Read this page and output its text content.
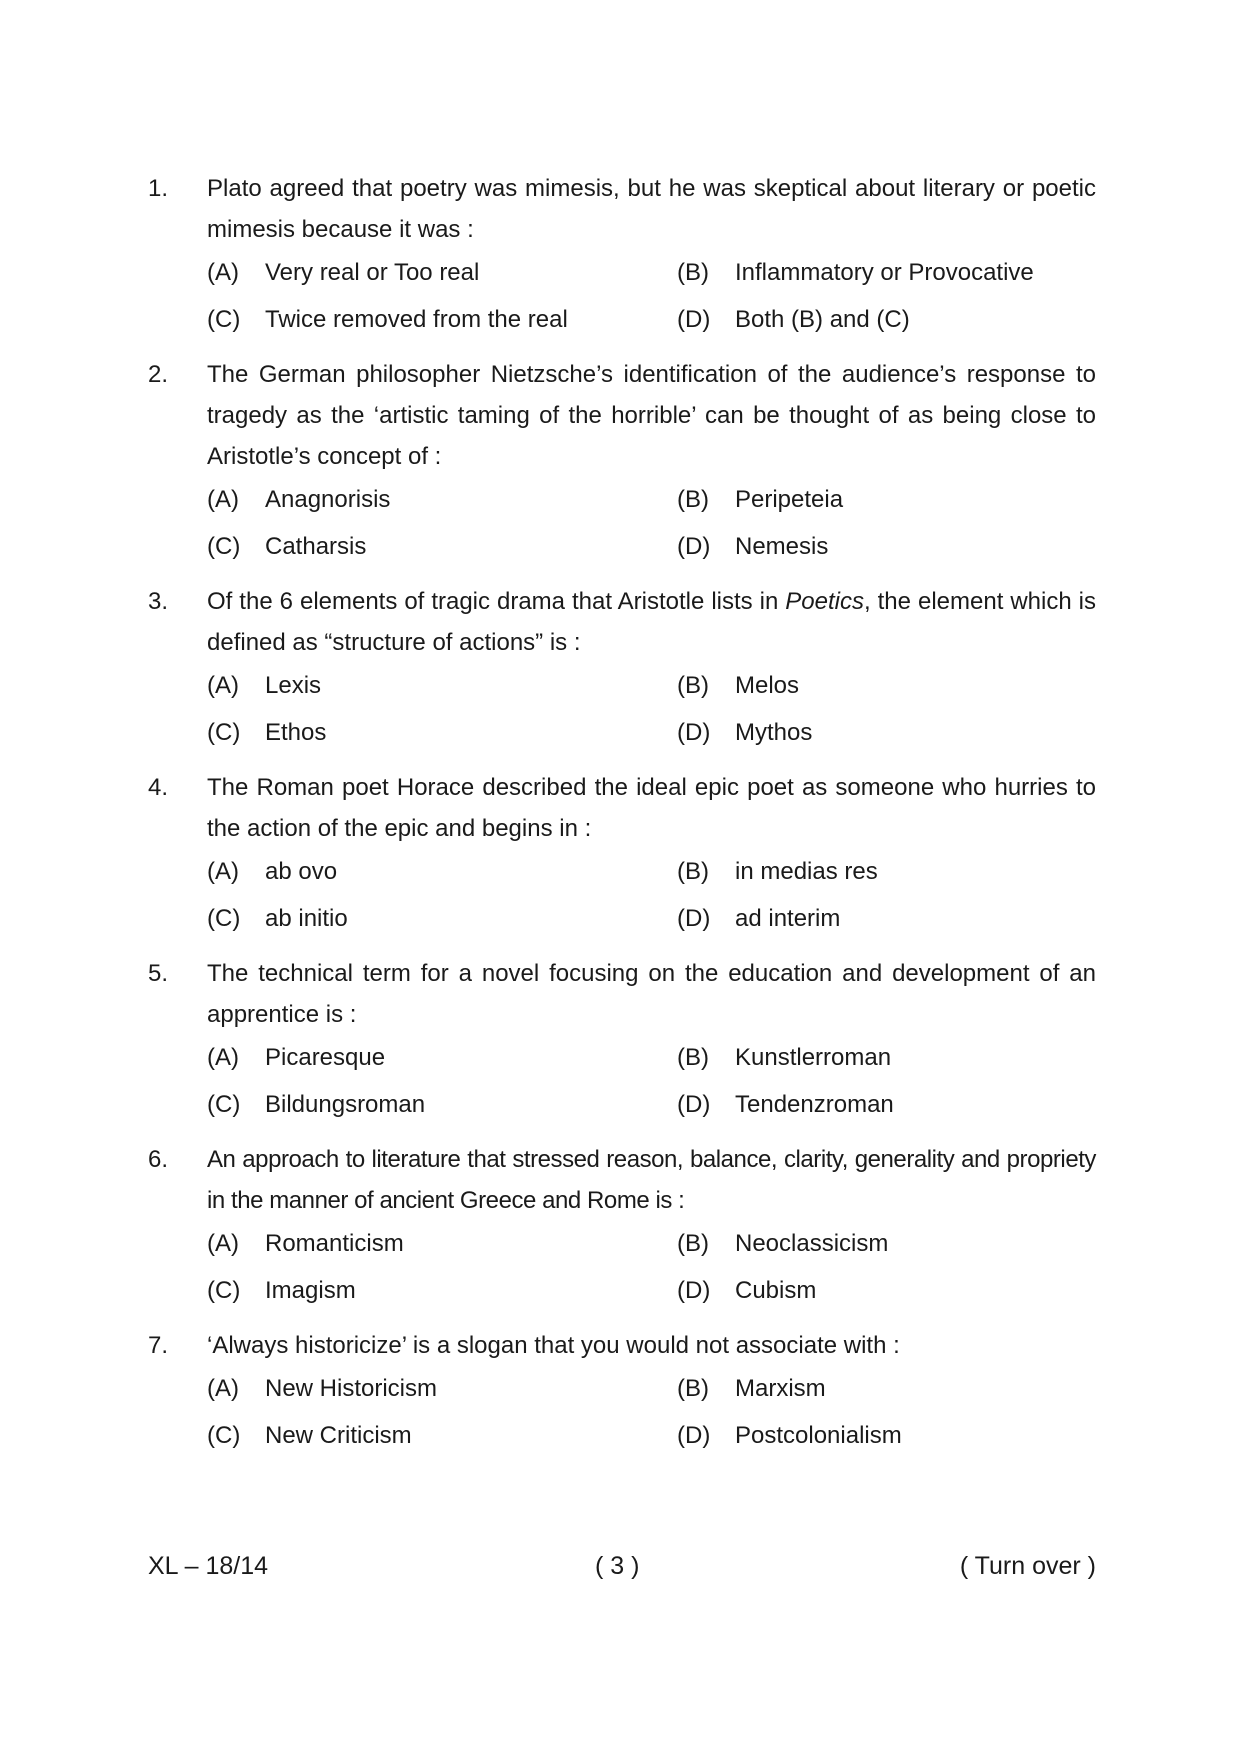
1.	Plato agreed that poetry was mimesis, but he was skeptical about literary or poetic mimesis because it was :
(A)	Very real or Too real	(B)	Inflammatory or Provocative
(C)	Twice removed from the real	(D)	Both (B) and (C)
2.	The German philosopher Nietzsche’s identification of the audience’s response to tragedy as the ‘artistic taming of the horrible’ can be thought of as being close to Aristotle’s concept of :
(A)	Anagnorisis	(B)	Peripeteia
(C)	Catharsis	(D)	Nemesis
3.	Of the 6 elements of tragic drama that Aristotle lists in Poetics, the element which is defined as “structure of actions” is :
(A)	Lexis	(B)	Melos
(C)	Ethos	(D)	Mythos
4.	The Roman poet Horace described the ideal epic poet as someone who hurries to the action of the epic and begins in :
(A)	ab ovo	(B)	in medias res
(C)	ab initio	(D)	ad interim
5.	The technical term for a novel focusing on the education and development of an apprentice is :
(A)	Picaresque	(B)	Kunstlerroman
(C)	Bildungsroman	(D)	Tendenzroman
6.	An approach to literature that stressed reason, balance, clarity, generality and propriety in the manner of ancient Greece and Rome is :
(A)	Romanticism	(B)	Neoclassicism
(C)	Imagism	(D)	Cubism
7.	‘Always historicize’ is a slogan that you would not associate with :
(A)	New Historicism	(B)	Marxism
(C)	New Criticism	(D)	Postcolonialism
XL – 18/14	( 3 )	( Turn over )
